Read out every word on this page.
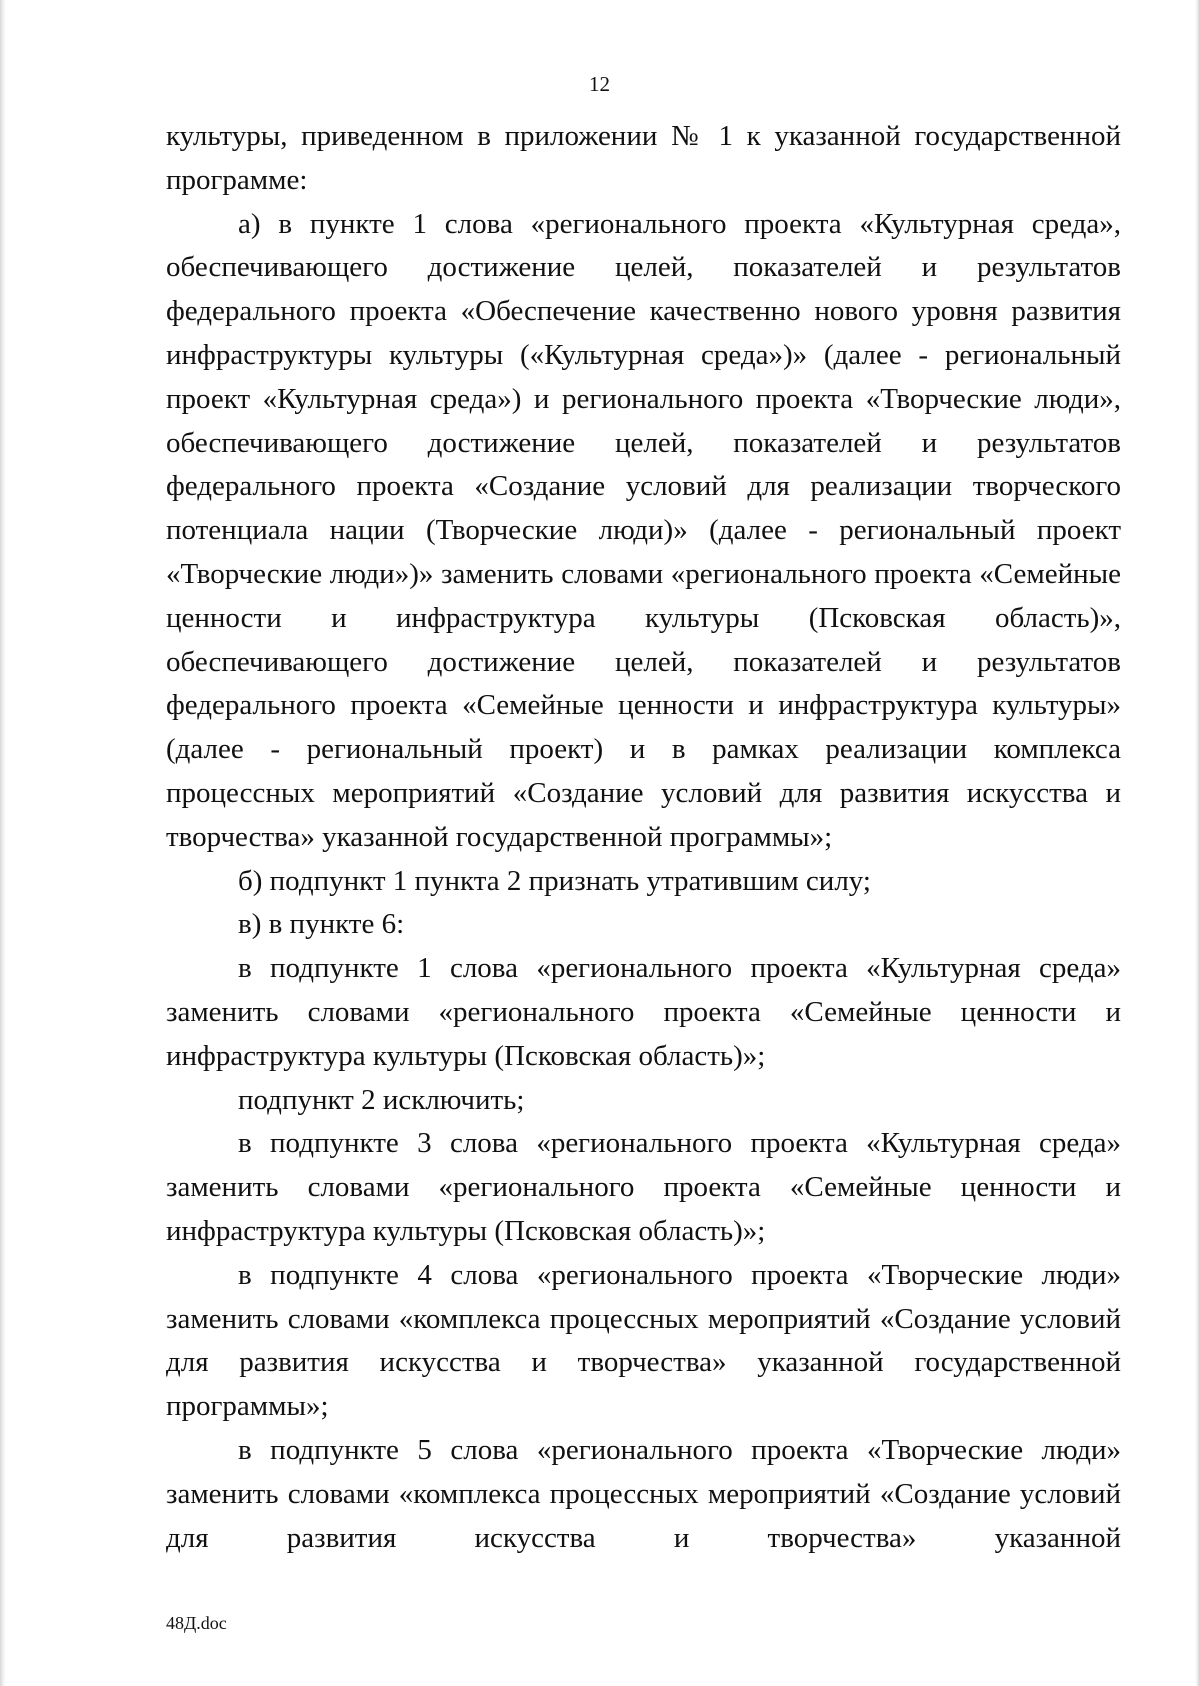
12

культуры, приведенном в приложении № 1 к указанной государственной программе:

а) в пункте 1 слова «регионального проекта «Культурная среда», обеспечивающего достижение целей, показателей и результатов федерального проекта «Обеспечение качественно нового уровня развития инфраструктуры культуры («Культурная среда»)» (далее - региональный проект «Культурная среда») и регионального проекта «Творческие люди», обеспечивающего достижение целей, показателей и результатов федерального проекта «Создание условий для реализации творческого потенциала нации (Творческие люди)» (далее - региональный проект «Творческие люди»)» заменить словами «регионального проекта «Семейные ценности и инфраструктура культуры (Псковская область)», обеспечивающего достижение целей, показателей и результатов федерального проекта «Семейные ценности и инфраструктура культуры» (далее - региональный проект) и в рамках реализации комплекса процессных мероприятий «Создание условий для развития искусства и творчества» указанной государственной программы»;

б) подпункт 1 пункта 2 признать утратившим силу;

в) в пункте 6:

в подпункте 1 слова «регионального проекта «Культурная среда» заменить словами «регионального проекта «Семейные ценности и инфраструктура культуры (Псковская область)»;

подпункт 2 исключить;

в подпункте 3 слова «регионального проекта «Культурная среда» заменить словами «регионального проекта «Семейные ценности и инфраструктура культуры (Псковская область)»;

в подпункте 4 слова «регионального проекта «Творческие люди» заменить словами «комплекса процессных мероприятий «Создание условий для развития искусства и творчества» указанной государственной программы»;

в подпункте 5 слова «регионального проекта «Творческие люди» заменить словами «комплекса процессных мероприятий «Создание условий для развития искусства и творчества» указанной

48Д.doc
